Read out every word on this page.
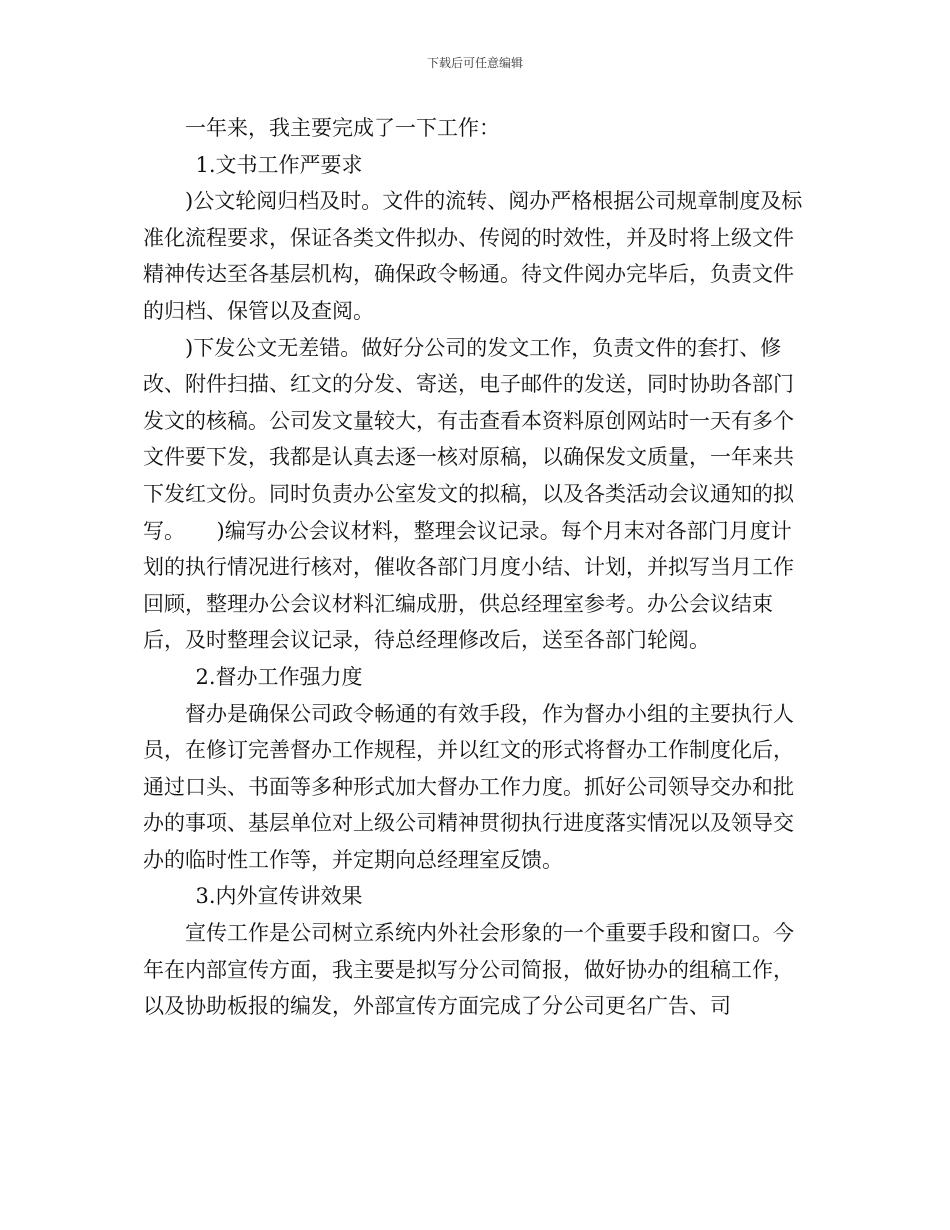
下载后可任意编辑

一年来，我主要完成了一下工作：

1.文书工作严要求

)公文轮阅归档及时。文件的流转、阅办严格根据公司规章制度及标准化流程要求，保证各类文件拟办、传阅的时效性，并及时将上级文件精神传达至各基层机构，确保政令畅通。待文件阅办完毕后，负责文件的归档、保管以及查阅。

)下发公文无差错。做好分公司的发文工作，负责文件的套打、修改、附件扫描、红文的分发、寄送，电子邮件的发送，同时协助各部门发文的核稿。公司发文量较大，有击查看本资料原创网站时一天有多个文件要下发，我都是认真去逐一核对原稿，以确保发文质量，一年来共下发红文份。同时负责办公室发文的拟稿，以及各类活动会议通知的拟写。　　)编写办公会议材料，整理会议记录。每个月末对各部门月度计划的执行情况进行核对，催收各部门月度小结、计划，并拟写当月工作回顾，整理办公会议材料汇编成册，供总经理室参考。办公会议结束后，及时整理会议记录，待总经理修改后，送至各部门轮阅。

2.督办工作强力度

督办是确保公司政令畅通的有效手段，作为督办小组的主要执行人员，在修订完善督办工作规程，并以红文的形式将督办工作制度化后，通过口头、书面等多种形式加大督办工作力度。抓好公司领导交办和批办的事项、基层单位对上级公司精神贯彻执行进度落实情况以及领导交办的临时性工作等，并定期向总经理室反馈。

3.内外宣传讲效果

宣传工作是公司树立系统内外社会形象的一个重要手段和窗口。今年在内部宣传方面，我主要是拟写分公司简报，做好协办的组稿工作，以及协助板报的编发，外部宣传方面完成了分公司更名广告、司
